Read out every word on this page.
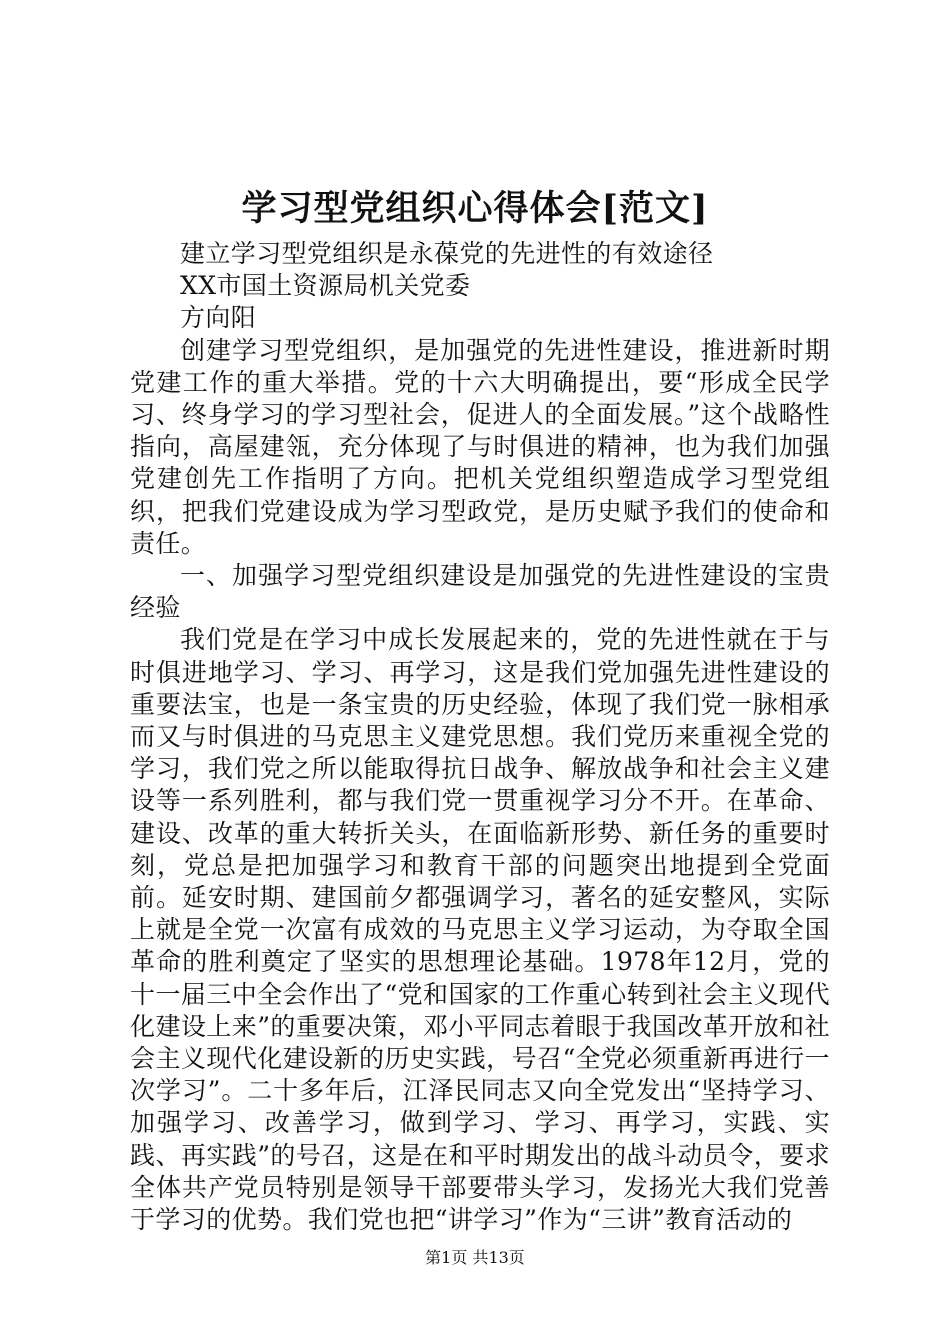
学习型党组织心得体会[范文]

建立学习型党组织是永葆党的先进性的有效途径

XX市国土资源局机关党委

方向阳

创建学习型党组织，是加强党的先进性建设，推进新时期党建工作的重大举措。党的十六大明确提出，要“形成全民学习、终身学习的学习型社会，促进人的全面发展。”这个战略性指向，高屋建瓴，充分体现了与时俱进的精神，也为我们加强党建创先工作指明了方向。把机关党组织塑造成学习型党组织，把我们党建设成为学习型政党，是历史赋予我们的使命和责任。

一、加强学习型党组织建设是加强党的先进性建设的宝贵经验

我们党是在学习中成长发展起来的，党的先进性就在于与时俱进地学习、学习、再学习，这是我们党加强先进性建设的重要法宝，也是一条宝贵的历史经验，体现了我们党一脉相承而又与时俱进的马克思主义建党思想。我们党历来重视全党的学习，我们党之所以能取得抗日战争、解放战争和社会主义建设等一系列胜利，都与我们党一贯重视学习分不开。在革命、建设、改革的重大转折关头，在面临新形势、新任务的重要时刻，党总是把加强学习和教育干部的问题突出地提到全党面前。延安时期、建国前夕都强调学习，著名的延安整风，实际上就是全党一次富有成效的马克思主义学习运动，为夺取全国革命的胜利奠定了坚实的思想理论基础。1978年12月，党的十一届三中全会作出了“党和国家的工作重心转到社会主义现代化建设上来”的重要决策，邓小平同志着眼于我国改革开放和社会主义现代化建设新的历史实践，号召“全党必须重新再进行一次学习”。二十多年后，江泽民同志又向全党发出“坚持学习、加强学习、改善学习，做到学习、学习、再学习，实践、实践、再实践”的号召，这是在和平时期发出的战斗动员令，要求全体共产党员特别是领导干部要带头学习，发扬光大我们党善于学习的优势。我们党也把“讲学习”作为“三讲”教育活动的

第1页 共13页
